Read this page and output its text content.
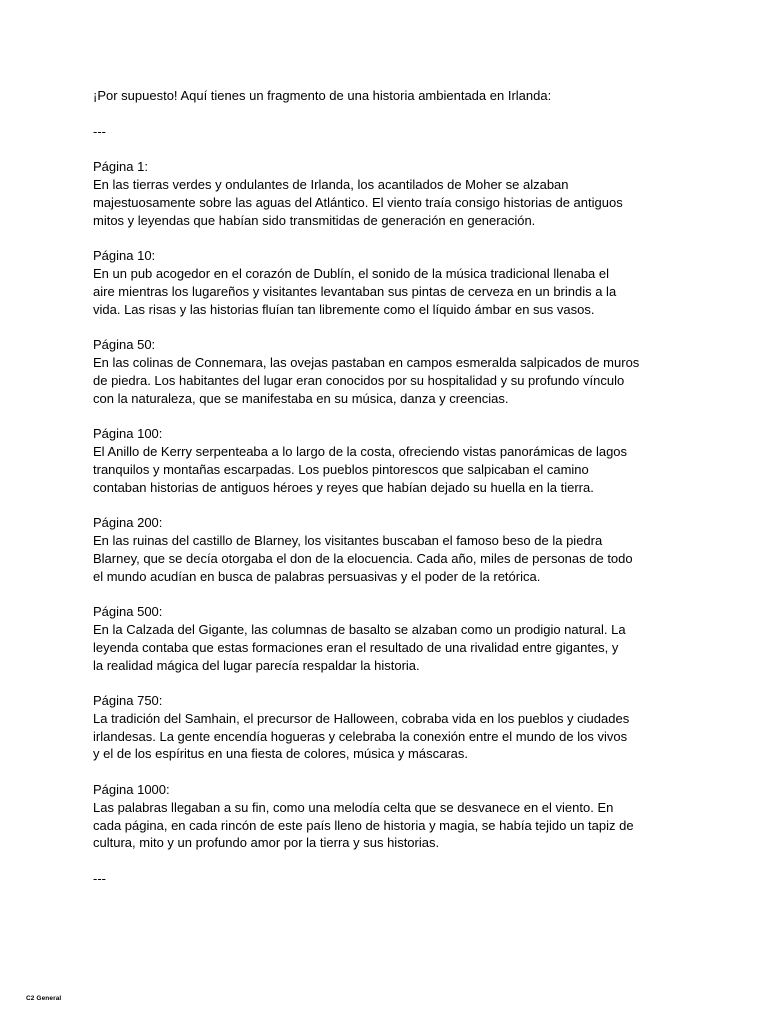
¡Por supuesto! Aquí tienes un fragmento de una historia ambientada en Irlanda:
---
Página 1:
En las tierras verdes y ondulantes de Irlanda, los acantilados de Moher se alzaban
majestuosamente sobre las aguas del Atlántico. El viento traía consigo historias de antiguos
mitos y leyendas que habían sido transmitidas de generación en generación.
Página 10:
En un pub acogedor en el corazón de Dublín, el sonido de la música tradicional llenaba el
aire mientras los lugareños y visitantes levantaban sus pintas de cerveza en un brindis a la
vida. Las risas y las historias fluían tan libremente como el líquido ámbar en sus vasos.
Página 50:
En las colinas de Connemara, las ovejas pastaban en campos esmeralda salpicados de muros
de piedra. Los habitantes del lugar eran conocidos por su hospitalidad y su profundo vínculo
con la naturaleza, que se manifestaba en su música, danza y creencias.
Página 100:
El Anillo de Kerry serpenteaba a lo largo de la costa, ofreciendo vistas panorámicas de lagos
tranquilos y montañas escarpadas. Los pueblos pintorescos que salpicaban el camino
contaban historias de antiguos héroes y reyes que habían dejado su huella en la tierra.
Página 200:
En las ruinas del castillo de Blarney, los visitantes buscaban el famoso beso de la piedra
Blarney, que se decía otorgaba el don de la elocuencia. Cada año, miles de personas de todo
el mundo acudían en busca de palabras persuasivas y el poder de la retórica.
Página 500:
En la Calzada del Gigante, las columnas de basalto se alzaban como un prodigio natural. La
leyenda contaba que estas formaciones eran el resultado de una rivalidad entre gigantes, y
la realidad mágica del lugar parecía respaldar la historia.
Página 750:
La tradición del Samhain, el precursor de Halloween, cobraba vida en los pueblos y ciudades
irlandesas. La gente encendía hogueras y celebraba la conexión entre el mundo de los vivos
y el de los espíritus en una fiesta de colores, música y máscaras.
Página 1000:
Las palabras llegaban a su fin, como una melodía celta que se desvanece en el viento. En
cada página, en cada rincón de este país lleno de historia y magia, se había tejido un tapiz de
cultura, mito y un profundo amor por la tierra y sus historias.
---
C2 General
